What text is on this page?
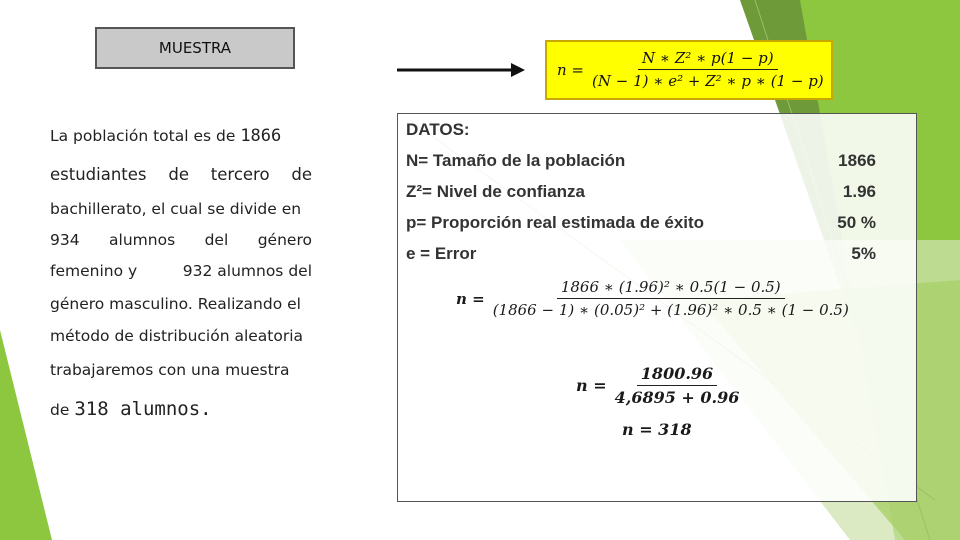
MUESTRA
$n = \frac{\text{N ∗ Z² ∗ p(1 − p)}}{\text{(N − 1) ∗ e² + Z² ∗ p ∗ (1 − p)}}$
La población total es de 1866
estudiantes de tercero de
bachillerato, el cual se divide en
934 alumnos del género
femenino y	932 alumnos del
género masculino. Realizando el
método de distribución aleatoria
trabajaremos con una muestra
de 318 alumnos.
DATOS:
N= Tamaño de la población	1866
Z²= Nivel de confianza	1.96
p= Proporción real estimada de éxito	50 %
e = Error	5%
$n = \frac{\text{1866 ∗ (1.96)² ∗ 0.5(1 − 0.5)}}{\text{(1866 − 1) ∗ (0.05)² + (1.96)² ∗ 0.5 ∗ (1 − 0.5)}}$
$n = \frac{1800.96}{4,6895 + 0.96}$
n = 318
